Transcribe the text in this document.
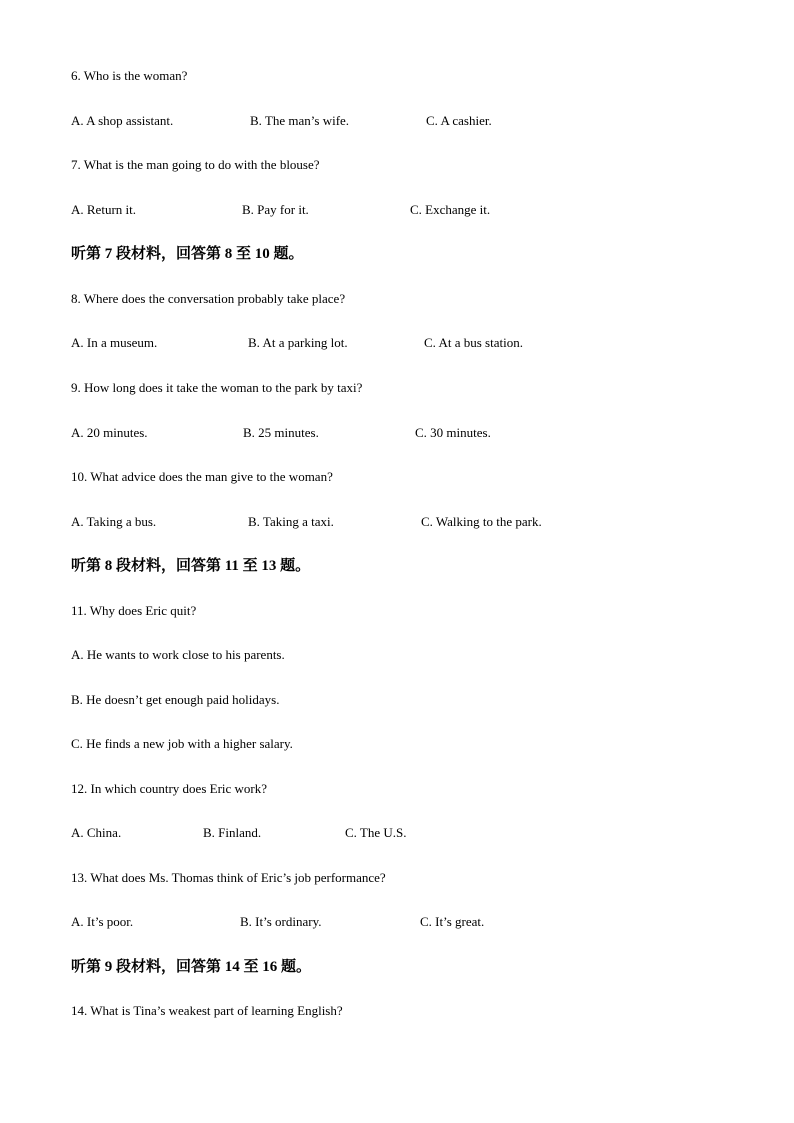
6. Who is the woman?
A. A shop assistant.	B. The man’s wife.	C. A cashier.
7. What is the man going to do with the blouse?
A. Return it.	B. Pay for it.	C. Exchange it.
听第 7 段材料，回答第 8 至 10 题。
8. Where does the conversation probably take place?
A. In a museum.	B. At a parking lot.	C. At a bus station.
9. How long does it take the woman to the park by taxi?
A. 20 minutes.	B. 25 minutes.	C. 30 minutes.
10. What advice does the man give to the woman?
A. Taking a bus.	B. Taking a taxi.	C. Walking to the park.
听第 8 段材料，回答第 11 至 13 题。
11. Why does Eric quit?
A. He wants to work close to his parents.
B. He doesn’t get enough paid holidays.
C. He finds a new job with a higher salary.
12. In which country does Eric work?
A. China.	B. Finland.	C. The U.S.
13. What does Ms. Thomas think of Eric’s job performance?
A. It’s poor.	B. It’s ordinary.	C. It’s great.
听第 9 段材料，回答第 14 至 16 题。
14. What is Tina’s weakest part of learning English?
